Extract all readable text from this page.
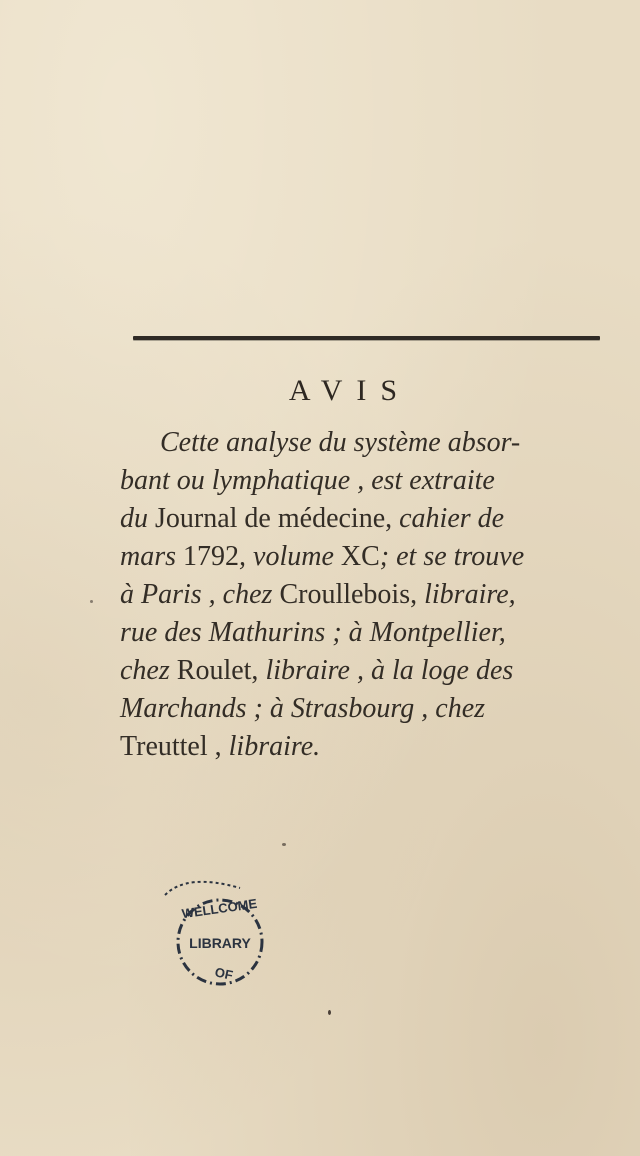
AVIS
Cette analyse du système absor-
bant ou lymphatique , est extraite
du Journal de médecine, cahier de
mars 1792, volume XC; et se trouve
à Paris , chez Croullebois, libraire,
rue des Mathurins ; à Montpellier,
chez Roulet, libraire , à la loge des
Marchands ; à Strasbourg , chez
Treuttel , libraire.
WELLCOME
LIBRARY
OF
